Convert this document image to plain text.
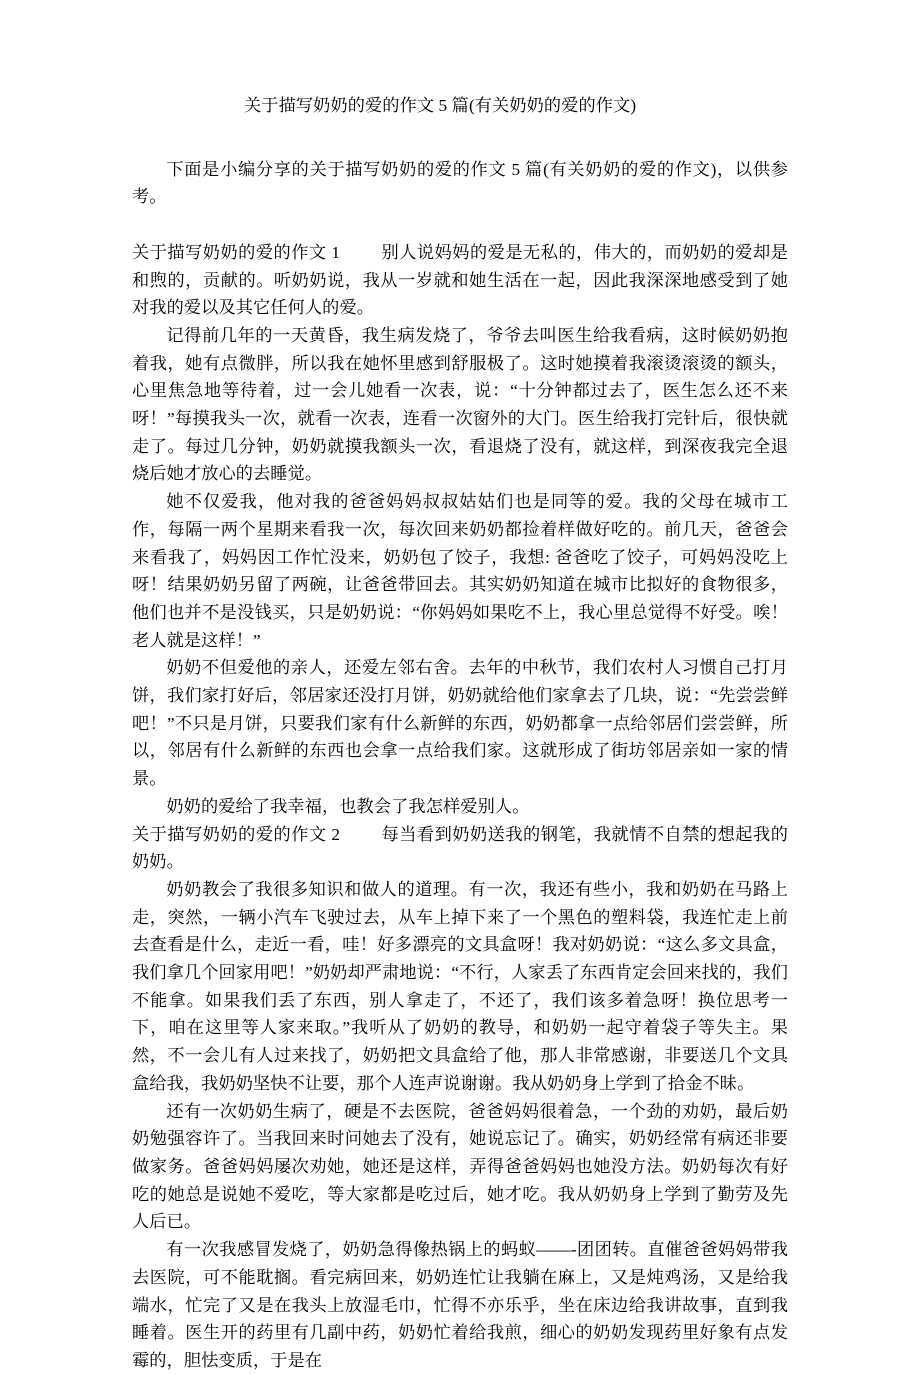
关于描写奶奶的爱的作文 5 篇(有关奶奶的爱的作文)

下面是小编分享的关于描写奶奶的爱的作文 5 篇(有关奶奶的爱的作文)，以供参考。

关于描写奶奶的爱的作文 1 别人说妈妈的爱是无私的，伟大的，而奶奶的爱却是和煦的，贡献的。听奶奶说，我从一岁就和她生活在一起，因此我深深地感受到了她对我的爱以及其它任何人的爱。

记得前几年的一天黄昏，我生病发烧了，爷爷去叫医生给我看病，这时候奶奶抱着我，她有点微胖，所以我在她怀里感到舒服极了。这时她摸着我滚烫滚烫的额头，心里焦急地等待着，过一会儿她看一次表，说：“十分钟都过去了，医生怎么还不来呀！”每摸我头一次，就看一次表，连看一次窗外的大门。医生给我打完针后，很快就走了。每过几分钟，奶奶就摸我额头一次，看退烧了没有，就这样，到深夜我完全退烧后她才放心的去睡觉。

她不仅爱我，他对我的爸爸妈妈叔叔姑姑们也是同等的爱。我的父母在城市工作，每隔一两个星期来看我一次，每次回来奶奶都捡着样做好吃的。前几天，爸爸会来看我了，妈妈因工作忙没来，奶奶包了饺子，我想: 爸爸吃了饺子，可妈妈没吃上呀！结果奶奶另留了两碗，让爸爸带回去。其实奶奶知道在城市比拟好的食物很多，他们也并不是没钱买，只是奶奶说：“你妈妈如果吃不上，我心里总觉得不好受。唉！老人就是这样！”

奶奶不但爱他的亲人，还爱左邻右舍。去年的中秋节，我们农村人习惯自己打月饼，我们家打好后，邻居家还没打月饼，奶奶就给他们家拿去了几块，说：“先尝尝鲜吧！”不只是月饼，只要我们家有什么新鲜的东西，奶奶都拿一点给邻居们尝尝鲜，所以，邻居有什么新鲜的东西也会拿一点给我们家。这就形成了街坊邻居亲如一家的情景。

奶奶的爱给了我幸福，也教会了我怎样爱别人。

关于描写奶奶的爱的作文 2 每当看到奶奶送我的钢笔，我就情不自禁的想起我的奶奶。

奶奶教会了我很多知识和做人的道理。有一次，我还有些小，我和奶奶在马路上走，突然，一辆小汽车飞驶过去，从车上掉下来了一个黑色的塑料袋，我连忙走上前去查看是什么，走近一看，哇！好多漂亮的文具盒呀！我对奶奶说：“这么多文具盒，我们拿几个回家用吧！”奶奶却严肃地说：“不行，人家丢了东西肯定会回来找的，我们不能拿。如果我们丢了东西，别人拿走了，不还了，我们该多着急呀！换位思考一下，咱在这里等人家来取。”我听从了奶奶的教导，和奶奶一起守着袋子等失主。果然，不一会儿有人过来找了，奶奶把文具盒给了他，那人非常感谢，非要送几个文具盒给我，我奶奶坚快不让要，那个人连声说谢谢。我从奶奶身上学到了拾金不昧。

还有一次奶奶生病了，硬是不去医院，爸爸妈妈很着急，一个劲的劝奶，最后奶奶勉强容许了。当我回来时问她去了没有，她说忘记了。确实，奶奶经常有病还非要做家务。爸爸妈妈屡次劝她，她还是这样，弄得爸爸妈妈也她没方法。奶奶每次有好吃的她总是说她不爱吃，等大家都是吃过后，她才吃。我从奶奶身上学到了勤劳及先人后已。

有一次我感冒发烧了，奶奶急得像热锅上的蚂蚁——-团团转。直催爸爸妈妈带我去医院，可不能耽搁。看完病回来，奶奶连忙让我躺在麻上，又是炖鸡汤，又是给我端水，忙完了又是在我头上放湿毛巾，忙得不亦乐乎，坐在床边给我讲故事，直到我睡着。医生开的药里有几副中药，奶奶忙着给我煎，细心的奶奶发现药里好象有点发霉的，胆怯变质，于是在
